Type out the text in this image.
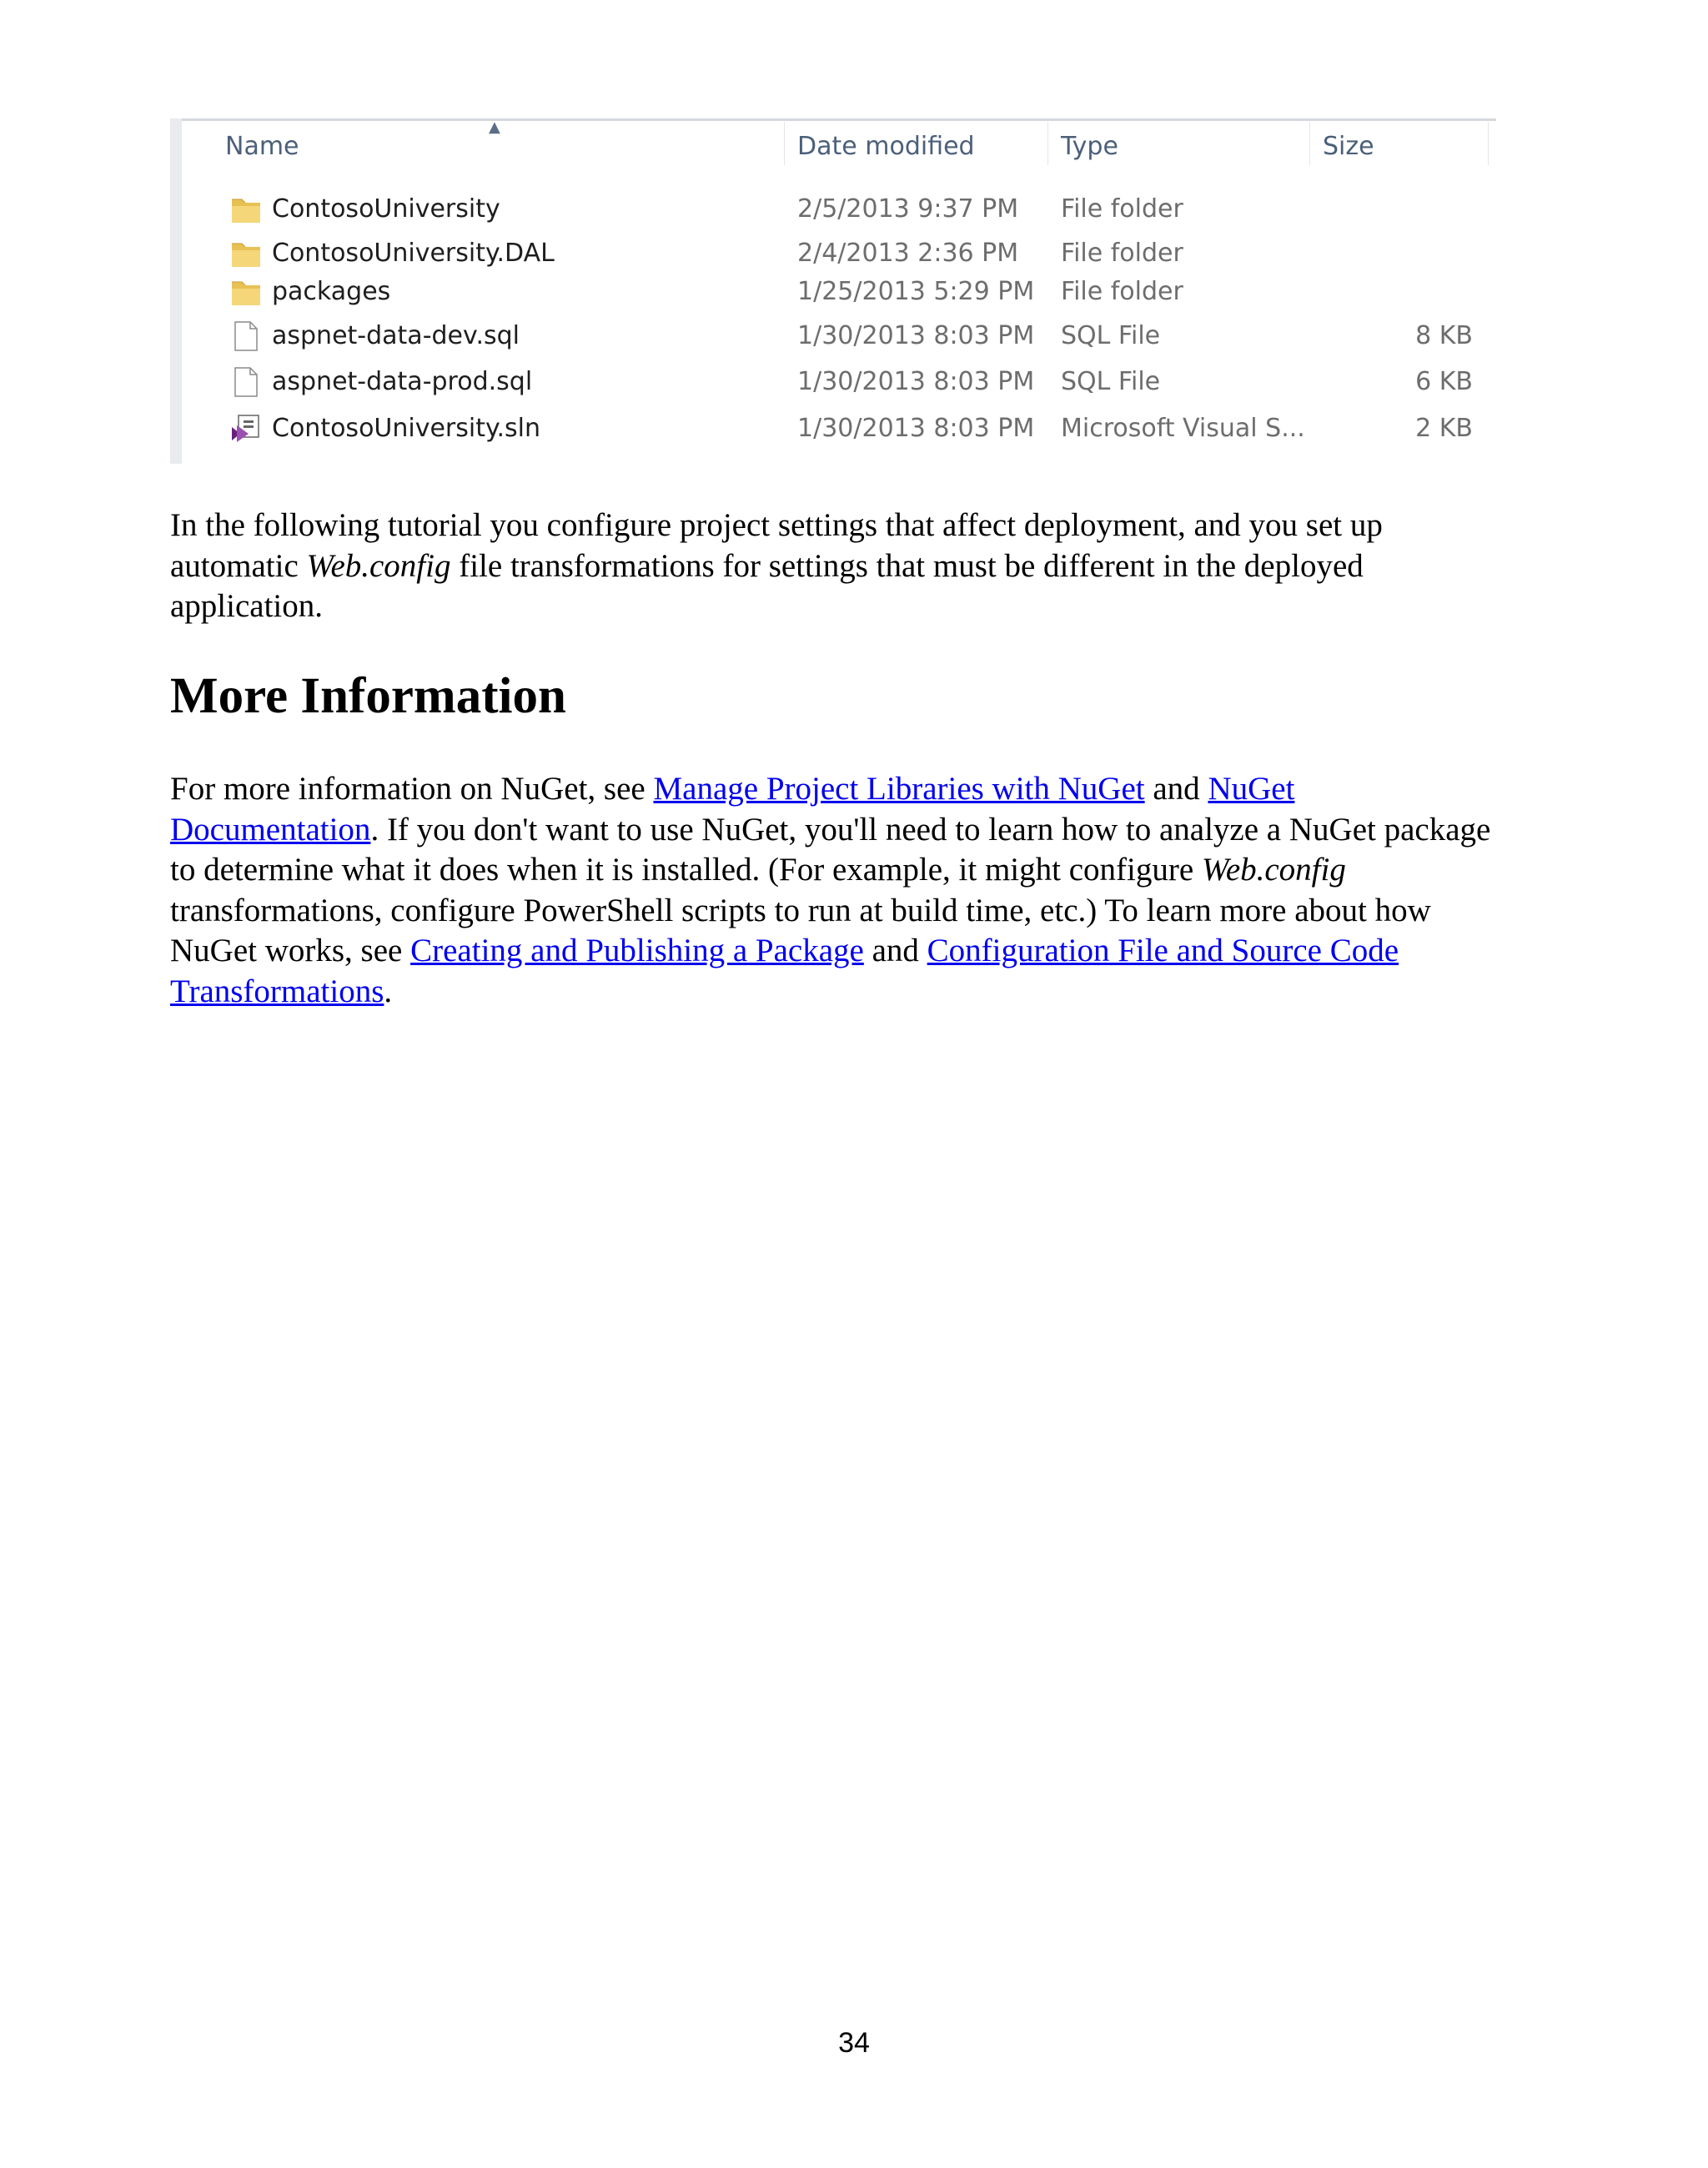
▲
Name	Date modified	Type	Size
ContosoUniversity	2/5/2013 9:37 PM File folder
ContosoUniversity.DAL	2/4/2013 2:36 PM File folder
packages	1/25/2013 5:29 PM File folder
aspnet-data-dev.sql	1/30/2013 8:03 PM SQL File	8 KB
aspnet-data-prod.sql	1/30/2013 8:03 PM SQL File	6 KB
ContosoUniversity.sln	1/30/2013 8:03 PM Microsoft Visual S...	2 KB

In the following tutorial you configure project settings that affect deployment, and you set up automatic Web.config file transformations for settings that must be different in the deployed application.

More Information

For more information on NuGet, see Manage Project Libraries with NuGet and NuGet Documentation. If you don't want to use NuGet, you'll need to learn how to analyze a NuGet package to determine what it does when it is installed. (For example, it might configure Web.config transformations, configure PowerShell scripts to run at build time, etc.) To learn more about how NuGet works, see Creating and Publishing a Package and Configuration File and Source Code Transformations.

34
